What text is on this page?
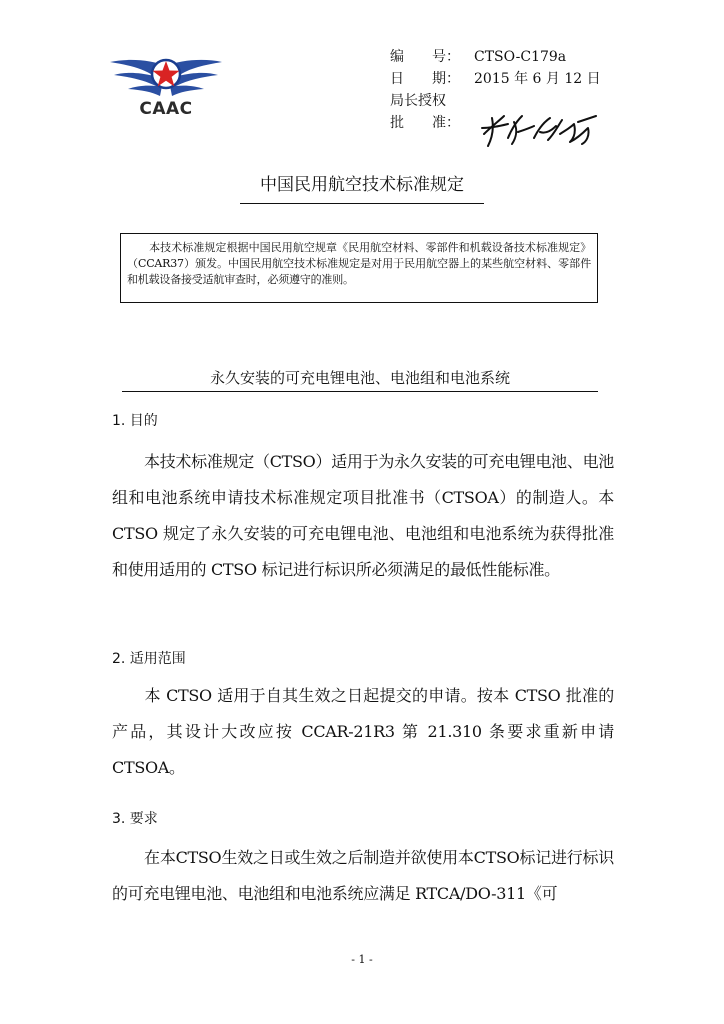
CAAC
编　　号：	CTSO-C179a
日　　期：	2015 年 6 月 12 日
局长授权
批　　准：
中国民用航空技术标准规定
　　本技术标准规定根据中国民用航空规章《民用航空材料、零部件和机载设备技术标准规定》（CCAR37）颁发。中国民用航空技术标准规定是对用于民用航空器上的某些航空材料、零部件和机载设备接受适航审查时，必须遵守的准则。
永久安装的可充电锂电池、电池组和电池系统
1. 目的
本技术标准规定（CTSO）适用于为永久安装的可充电锂电池、电池组和电池系统申请技术标准规定项目批准书（CTSOA）的制造人。本 CTSO 规定了永久安装的可充电锂电池、电池组和电池系统为获得批准和使用适用的 CTSO 标记进行标识所必须满足的最低性能标准。
2. 适用范围
本 CTSO 适用于自其生效之日起提交的申请。按本 CTSO 批准的产品，其设计大改应按 CCAR-21R3 第 21.310 条要求重新申请 CTSOA。
3. 要求
在本CTSO生效之日或生效之后制造并欲使用本CTSO标记进行标识的可充电锂电池、电池组和电池系统应满足 RTCA/DO-311《可
- 1 -
